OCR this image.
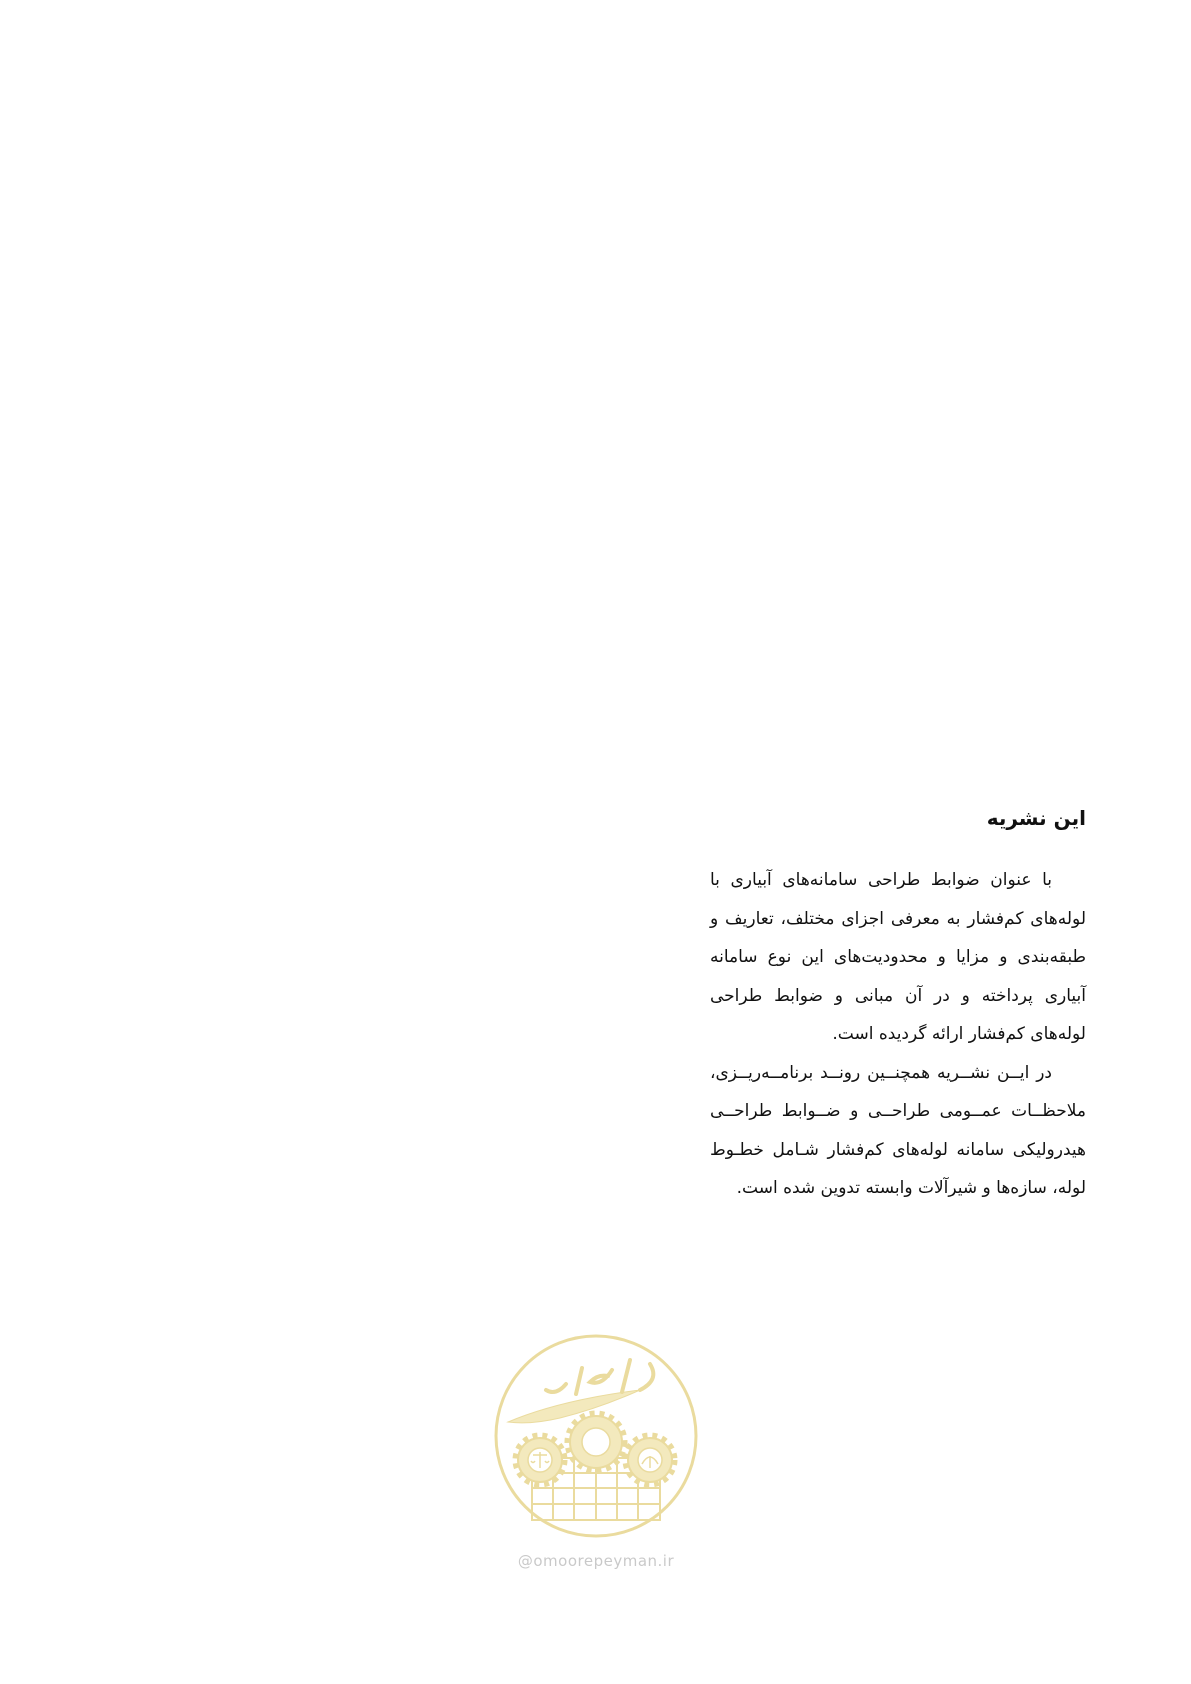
این نشریه

با عنوان ضوابط طراحی سامانه‌های آبیاری با لوله‌های کم‌فشار به معرفی اجزای مختلف، تعاریف و طبقه‌بندی و مزایا و محدودیت‌های این نوع سامانه آبیاری پرداخته و در آن مبانی و ضوابط طراحی لوله‌های کم‌فشار ارائه گردیده است.

در ایــن نشــریه همچنــین رونــد برنامــه‌ریــزی، ملاحظــات عمــومی طراحــی و ضــوابط طراحــی هیدرولیکی سامانه لوله‌های کم‌فشار شـامل خطـوط لوله، سازه‌ها و شیرآلات وابسته تدوین شده است.

@omoorepeyman.ir
